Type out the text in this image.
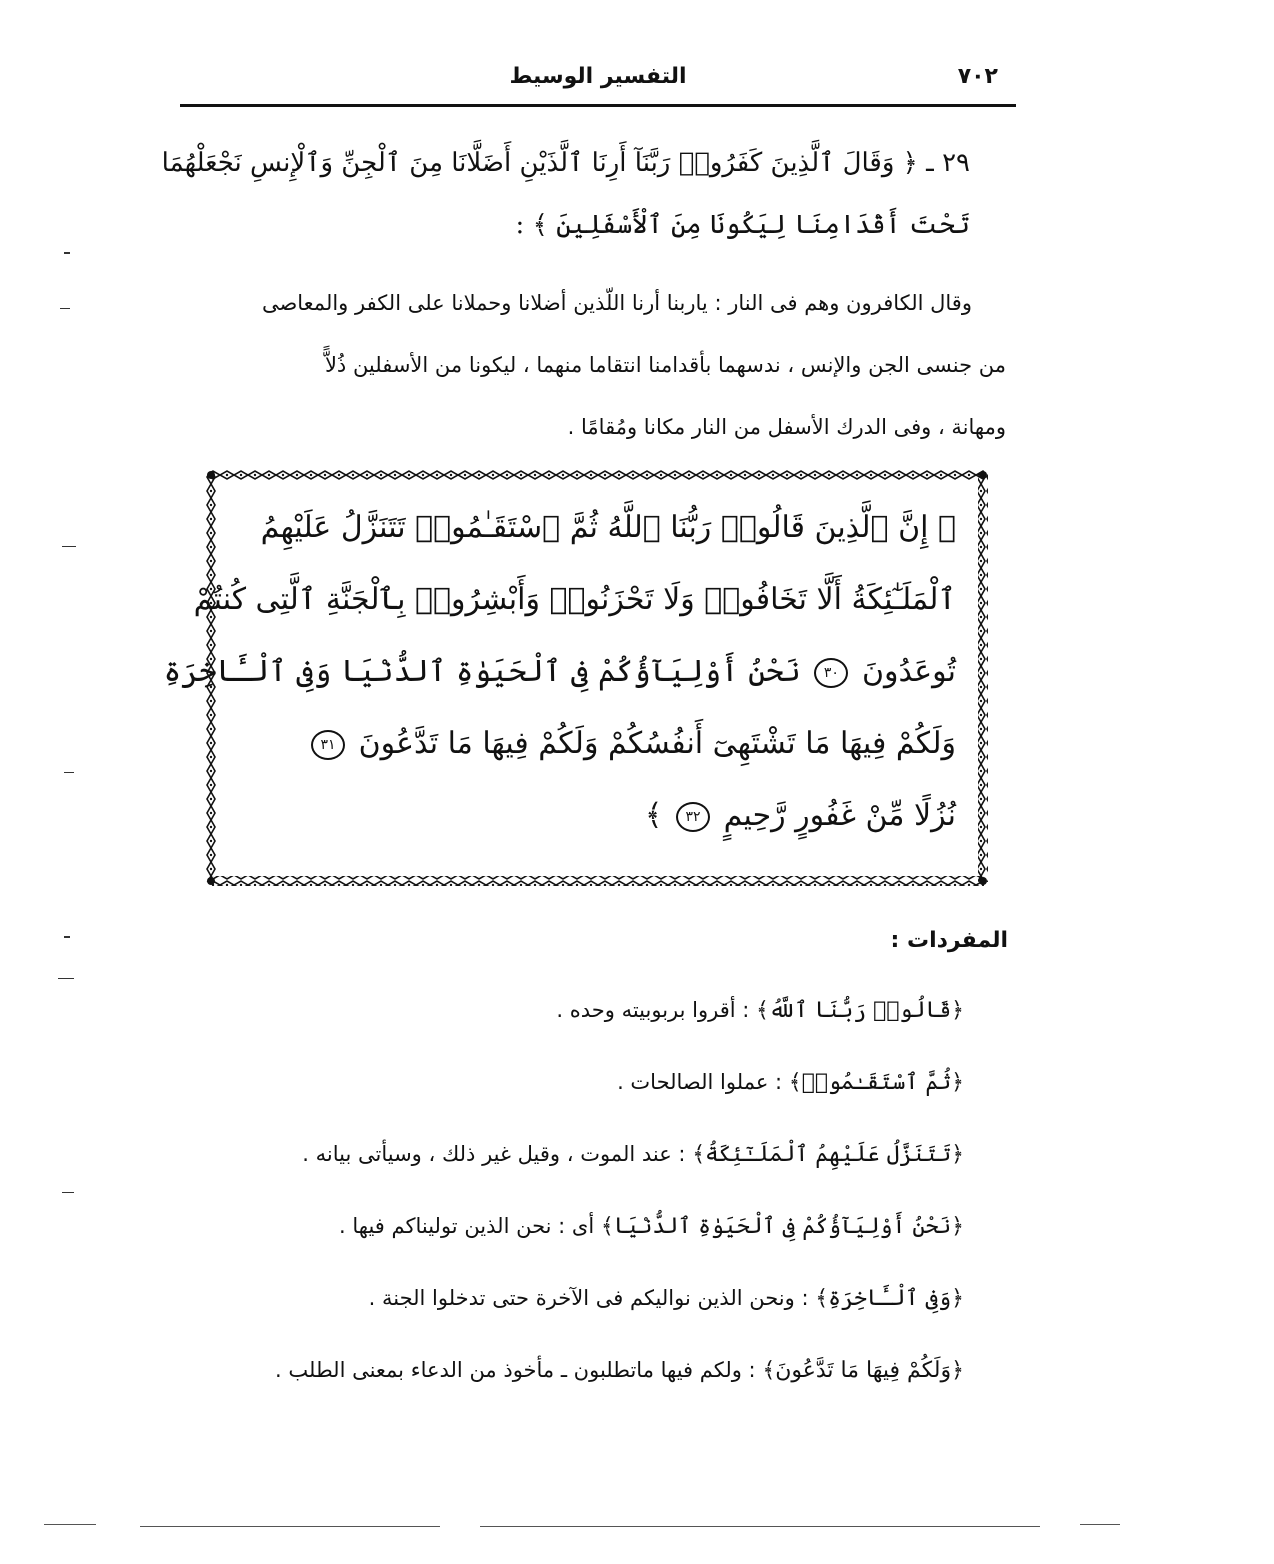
٧٠٢
التفسير الوسيط
٢٩ ـ ﴿ وَقَالَ ٱلَّذِينَ كَفَرُوا۟ رَبَّنَآ أَرِنَا ٱلَّذَيْنِ أَضَلَّانَا مِنَ ٱلْجِنِّ وَٱلْإِنسِ نَجْعَلْهُمَا
تَحْتَ أَقْدَامِنَا لِيَكُونَا مِنَ ٱلْأَسْفَلِينَ ﴾ :
وقال الكافرون وهم فى النار : ياربنا أرنا اللّذين أضلانا وحملانا على الكفر والمعاصى
من جنسى الجن والإنس ، ندسهما بأقدامنا انتقاما منهما ، ليكونا من الأسفلين ذُلاًّ
ومهانة ، وفى الدرك الأسفل من النار مكانا ومُقامًا .
﴿ إِنَّ ٱلَّذِينَ قَالُوا۟ رَبُّنَا ٱللَّهُ ثُمَّ ٱسْتَقَـٰمُوا۟ تَتَنَزَّلُ عَلَيْهِمُ
ٱلْمَلَـٰٓئِكَةُ أَلَّا تَخَافُوا۟ وَلَا تَحْزَنُوا۟ وَأَبْشِرُوا۟ بِٱلْجَنَّةِ ٱلَّتِى كُنتُمْ
تُوعَدُونَ ٣٠ نَحْنُ أَوْلِيَآؤُكُمْ فِى ٱلْحَيَوٰةِ ٱلدُّنْيَا وَفِى ٱلْـَٔاخِرَةِ
وَلَكُمْ فِيهَا مَا تَشْتَهِىٓ أَنفُسُكُمْ وَلَكُمْ فِيهَا مَا تَدَّعُونَ ٣١
نُزُلًا مِّنْ غَفُورٍ رَّحِيمٍ ٣٢ ﴾
المفردات :
﴿قَالُوا۟ رَبُّنَا ٱللَّهُ﴾ : أقروا بربوبيته وحده .
﴿ثُمَّ ٱسْتَقَـٰمُوا۟﴾ : عملوا الصالحات .
﴿تَتَنَزَّلُ عَلَيْهِمُ ٱلْمَلَـٰٓئِكَةُ﴾ : عند الموت ، وقيل غير ذلك ، وسيأتى بيانه .
﴿نَحْنُ أَوْلِيَآؤُكُمْ فِى ٱلْحَيَوٰةِ ٱلدُّنْيَا﴾ أى : نحن الذين توليناكم فيها .
﴿وَفِى ٱلْـَٔاخِرَةِ﴾ : ونحن الذين نواليكم فى الآخرة حتى تدخلوا الجنة .
﴿وَلَكُمْ فِيهَا مَا تَدَّعُونَ﴾ : ولكم فيها ماتطلبون ـ مأخوذ من الدعاء بمعنى الطلب .
